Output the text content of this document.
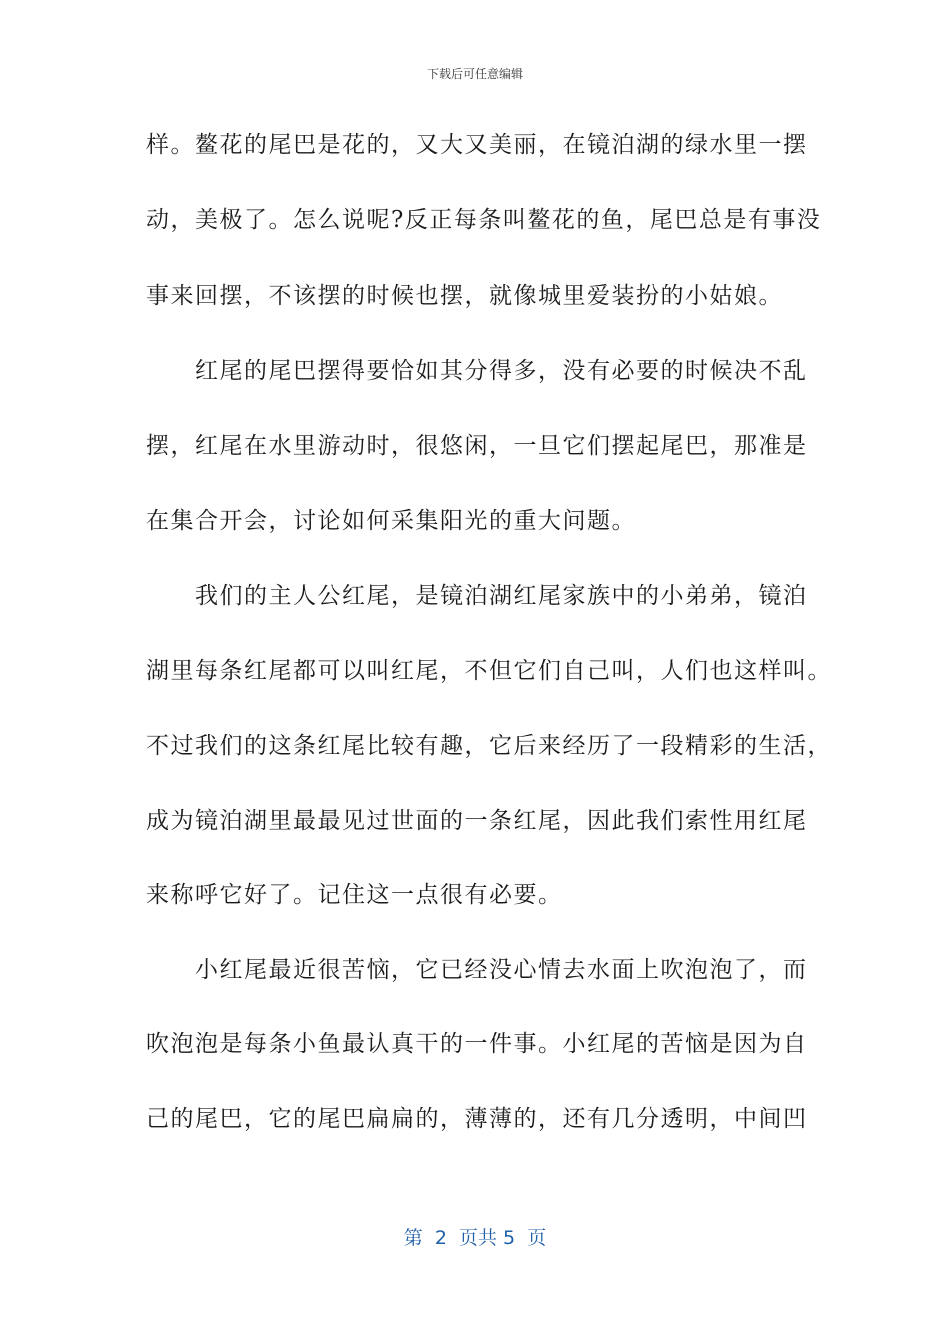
下载后可任意编辑
样。鳌花的尾巴是花的，又大又美丽，在镜泊湖的绿水里一摆
动，美极了。怎么说呢?反正每条叫鳌花的鱼，尾巴总是有事没
事来回摆，不该摆的时候也摆，就像城里爱装扮的小姑娘。
　　红尾的尾巴摆得要恰如其分得多，没有必要的时候决不乱
摆，红尾在水里游动时，很悠闲，一旦它们摆起尾巴，那准是
在集合开会，讨论如何采集阳光的重大问题。
　　我们的主人公红尾，是镜泊湖红尾家族中的小弟弟，镜泊
湖里每条红尾都可以叫红尾，不但它们自己叫，人们也这样叫。
不过我们的这条红尾比较有趣，它后来经历了一段精彩的生活，
成为镜泊湖里最最见过世面的一条红尾，因此我们索性用红尾
来称呼它好了。记住这一点很有必要。
　　小红尾最近很苦恼，它已经没心情去水面上吹泡泡了，而
吹泡泡是每条小鱼最认真干的一件事。小红尾的苦恼是因为自
己的尾巴，它的尾巴扁扁的，薄薄的，还有几分透明，中间凹
第  2  页共 5  页
